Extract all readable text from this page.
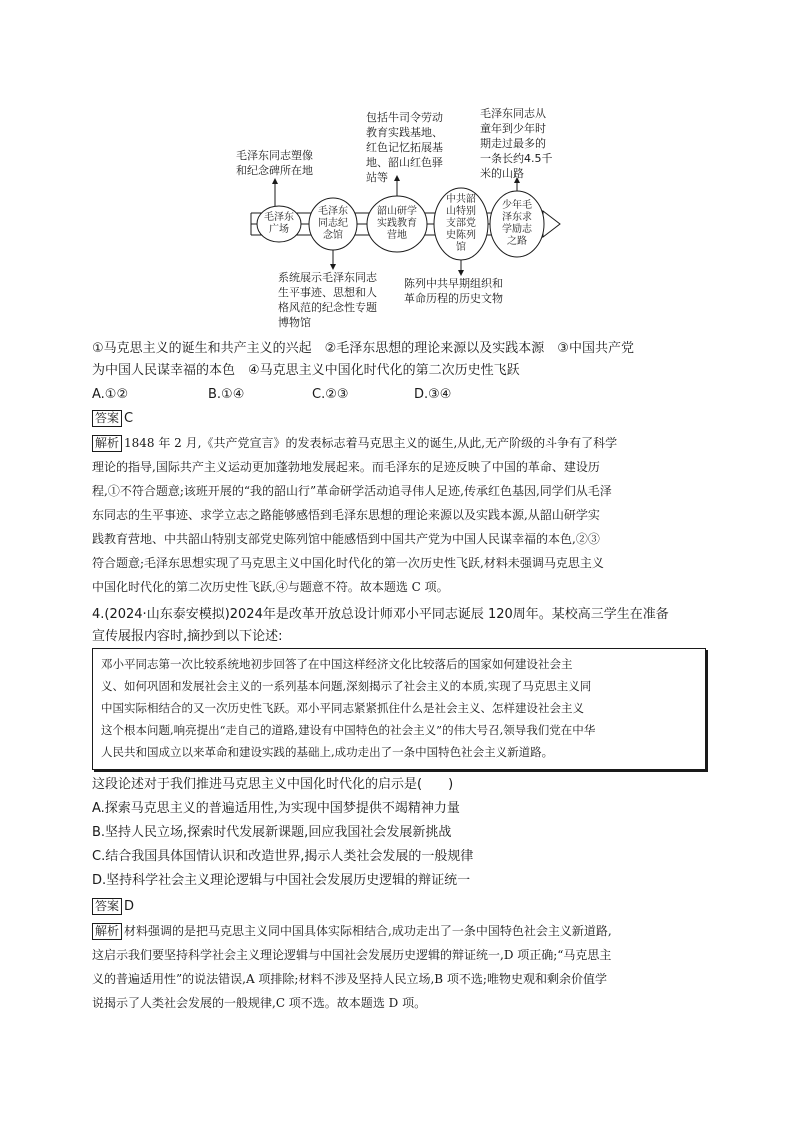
毛泽东
广场
毛泽东
同志纪
念馆
韶山研学
实践教育
营地
中共韶
山特别
支部党
史陈列
馆
少年毛
泽东求
学励志
之路
毛泽东同志塑像
和纪念碑所在地
系统展示毛泽东同志
生平事迹、思想和人
格风范的纪念性专题
博物馆
包括牛司令劳动
教育实践基地、
红色记忆拓展基
地、韶山红色驿
站等
陈列中共早期组织和
革命历程的历史文物
毛泽东同志从
童年到少年时
期走过最多的
一条长约4.5千
米的山路
①马克思主义的诞生和共产主义的兴起　②毛泽东思想的理论来源以及实践本源　③中国共产党
为中国人民谋幸福的本色　④马克思主义中国化时代化的第二次历史性飞跃
A.①②	B.①④	C.②③	D.③④
答案 C
解析 1848 年 2 月,《共产党宣言》的发表标志着马克思主义的诞生,从此,无产阶级的斗争有了科学
理论的指导,国际共产主义运动更加蓬勃地发展起来。而毛泽东的足迹反映了中国的革命、建设历
程,①不符合题意;该班开展的“我的韶山行”革命研学活动追寻伟人足迹,传承红色基因,同学们从毛泽
东同志的生平事迹、求学立志之路能够感悟到毛泽东思想的理论来源以及实践本源,从韶山研学实
践教育营地、中共韶山特别支部党史陈列馆中能感悟到中国共产党为中国人民谋幸福的本色,②③
符合题意;毛泽东思想实现了马克思主义中国化时代化的第一次历史性飞跃,材料未强调马克思主义
中国化时代化的第二次历史性飞跃,④与题意不符。故本题选 C 项。
4.(2024·山东泰安模拟)2024年是改革开放总设计师邓小平同志诞辰 120周年。某校高三学生在准备
宣传展报内容时,摘抄到以下论述:
邓小平同志第一次比较系统地初步回答了在中国这样经济文化比较落后的国家如何建设社会主
义、如何巩固和发展社会主义的一系列基本问题,深刻揭示了社会主义的本质,实现了马克思主义同
中国实际相结合的又一次历史性飞跃。邓小平同志紧紧抓住什么是社会主义、怎样建设社会主义
这个根本问题,响亮提出“走自己的道路,建设有中国特色的社会主义”的伟大号召,领导我们党在中华
人民共和国成立以来革命和建设实践的基础上,成功走出了一条中国特色社会主义新道路。
这段论述对于我们推进马克思主义中国化时代化的启示是(　　)
A.探索马克思主义的普遍适用性,为实现中国梦提供不竭精神力量
B.坚持人民立场,探索时代发展新课题,回应我国社会发展新挑战
C.结合我国具体国情认识和改造世界,揭示人类社会发展的一般规律
D.坚持科学社会主义理论逻辑与中国社会发展历史逻辑的辩证统一
答案 D
解析 材料强调的是把马克思主义同中国具体实际相结合,成功走出了一条中国特色社会主义新道路,
这启示我们要坚持科学社会主义理论逻辑与中国社会发展历史逻辑的辩证统一,D 项正确;“马克思主
义的普遍适用性”的说法错误,A 项排除;材料不涉及坚持人民立场,B 项不选;唯物史观和剩余价值学
说揭示了人类社会发展的一般规律,C 项不选。故本题选 D 项。
